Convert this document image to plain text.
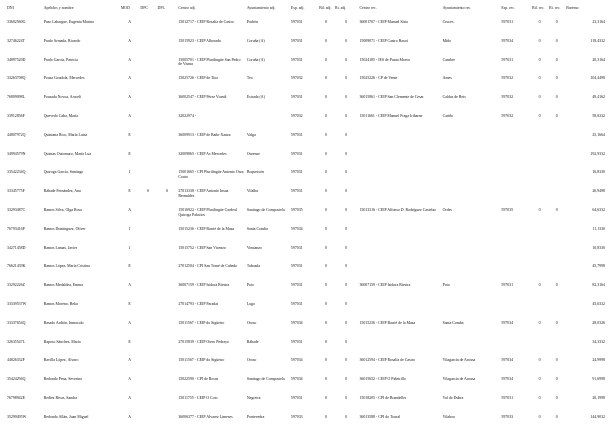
DNI	Apelidos y nombre	MOD	DPC	DPL	Centro adj.	Ayuntamiento adj.	Esp. adj.	Bil. adj.	Ri. adj.	Centro rec.	Ayuntamiento rec.	Esp. rec.	Bil. rec.	Ri. rec.	Baremo
33602560G	Pazo Lahargue, Eugenia Marina	A			15012717 - CEIP Rosalía de Castro	Padrón	597031	0	0	36001767 - CEIP Manuel Sisto	Cruces	597031	0	0	23,3164
32746224T	Prado Armada, Ricardo	A			15015923 - CEIP Alborada	Coruña (A)	597031	0	0	15009071 - CEIP Castro Baxoi	Miño	597034	0	0	118,4332
34897520D	Prado García, Patricia	A			15005701 - CEIP Plurilingüe San Pedro de Visma	Coruña (A)	597031	0	0	15024185 - IES de Punta Moera	Cambre	597031	0	0	20,3164
33263708Q	Pousa Goudola, Mercedes	A			15025726 - CEIP de Tioo	Teo	597032	0	0	15025226 - CP de Vente	Ames	597032	0	0	104,4498
76809098L	Pousada Novoa, Araceli	A			36002547 - CEIP Pérez Viondi	Estrada (A)	597031	0	0	36015861 - CEIP San Clemente de Cesar	Caldas de Reis	597032	0	0	49,4162
33912836F	Quevedo Caba, María	A			32022974 -		597032	0	0	15011661 - CEIP Manuel Fraga Iribarne	Cariño	597032	0	0	58,6332
44807972Q	Quintana Rico, María Luisa	E			36009913 - CEIP de Baño-Xanza	Valga	597031	0	0						25,1664
34994579N	Quintas Outomuro, María Luz	E			32009865 - CEIP As Mercedes	Ourense	597031	0	0						192,9332
33542234Q	Quiroga García, Santiago	J			15001665 - CPI Plurilingüe Antonio Orza Couto	Boqueixón	597031	0	0						16,8330
33345775F	Rábade Fernández, Ana	E	S	S	27013338 - CEIP Antonio Insua Bermúdez	Vilalba	597031	0	0						26,9498
33293487C	Ramos Silva, Olga Rosa	A			15016922 - CEIP Plurilingüe Cardeal Quiroga Palacios	Santiago de Compostela	597035	0	0	15013316 - CEIP Alfonso D. Rodríguez Castelao	Ordes	597035	0	0	64,6332
76793416P	Ramos Domínguez, Oliver	J			15015236 - CEIP Barrié de la Maza	Santa Comba	597034	0	0						11,1330
34271458D	Ramos Lamas, Javier	J			15015752 - CEIP San Vicenzo	Vimianzo	597031	0	0						10,8330
76621439K	Ramos López, María Cristina	E			27012504 - CPI San Tomé de Cañedo	Taboada	597031	0	0						45,7998
33292226Z	Ramos Medaldea, Emma	A			36007159 - CEIP Isidora Riestra	Poio	597031	0	0	36007159 - CEIP Isidora Riestra	Poio	597031	0	0	82,3164
33339537W	Ramos Moreno, Beka	E			27014793 - CEIP Paradai	Lugo	597031	0	0						45,6332
33337654Q	Rasado Ardión, Inmaculo	A			15011567 - CEIP do Sigüeiro	Oroso	597034	0	0	15015236 - CEIP Barrié de la Maza	Santa Comba	597034	0	0	28,0326
32635547L	Raposo Sánchez, María	E			27015839 - CEIP Otero Pedrayo	Rábade	597031	0	0						34,3332
44826332F	Ravilla López, Álvaro	A			15011567 - CEIP do Sigüeiro	Oroso	597034	0	0	36012594 - CEIP Rosalía de Castro	Vilagarcía de Arousa	597034	0	0	24,9998
35424294Q	Redondo Pena, Severina	A			15022590 - CPI de Rosas	Santiago de Compostela	597034	0	0	36015652 - CEIP O Piñeirillo	Vilagarcía de Arousa	597034	0	0	91,6998
76798942E	Rediez Rivas, Sandra	A			15011755 - CEIP O Coto	Negreira	597031	0	0	15018205 - CPI de Brandeller	Val do Dubra	597031	0	0	20,1998
35299495W	Redondo Allán, Juan Miguel	A			36006377 - CEIP Álvarez Limeses	Pontevedra	597033	0	0	36013588 - CPI do Toural	Vilaboa	597033	0	0	144,9032
